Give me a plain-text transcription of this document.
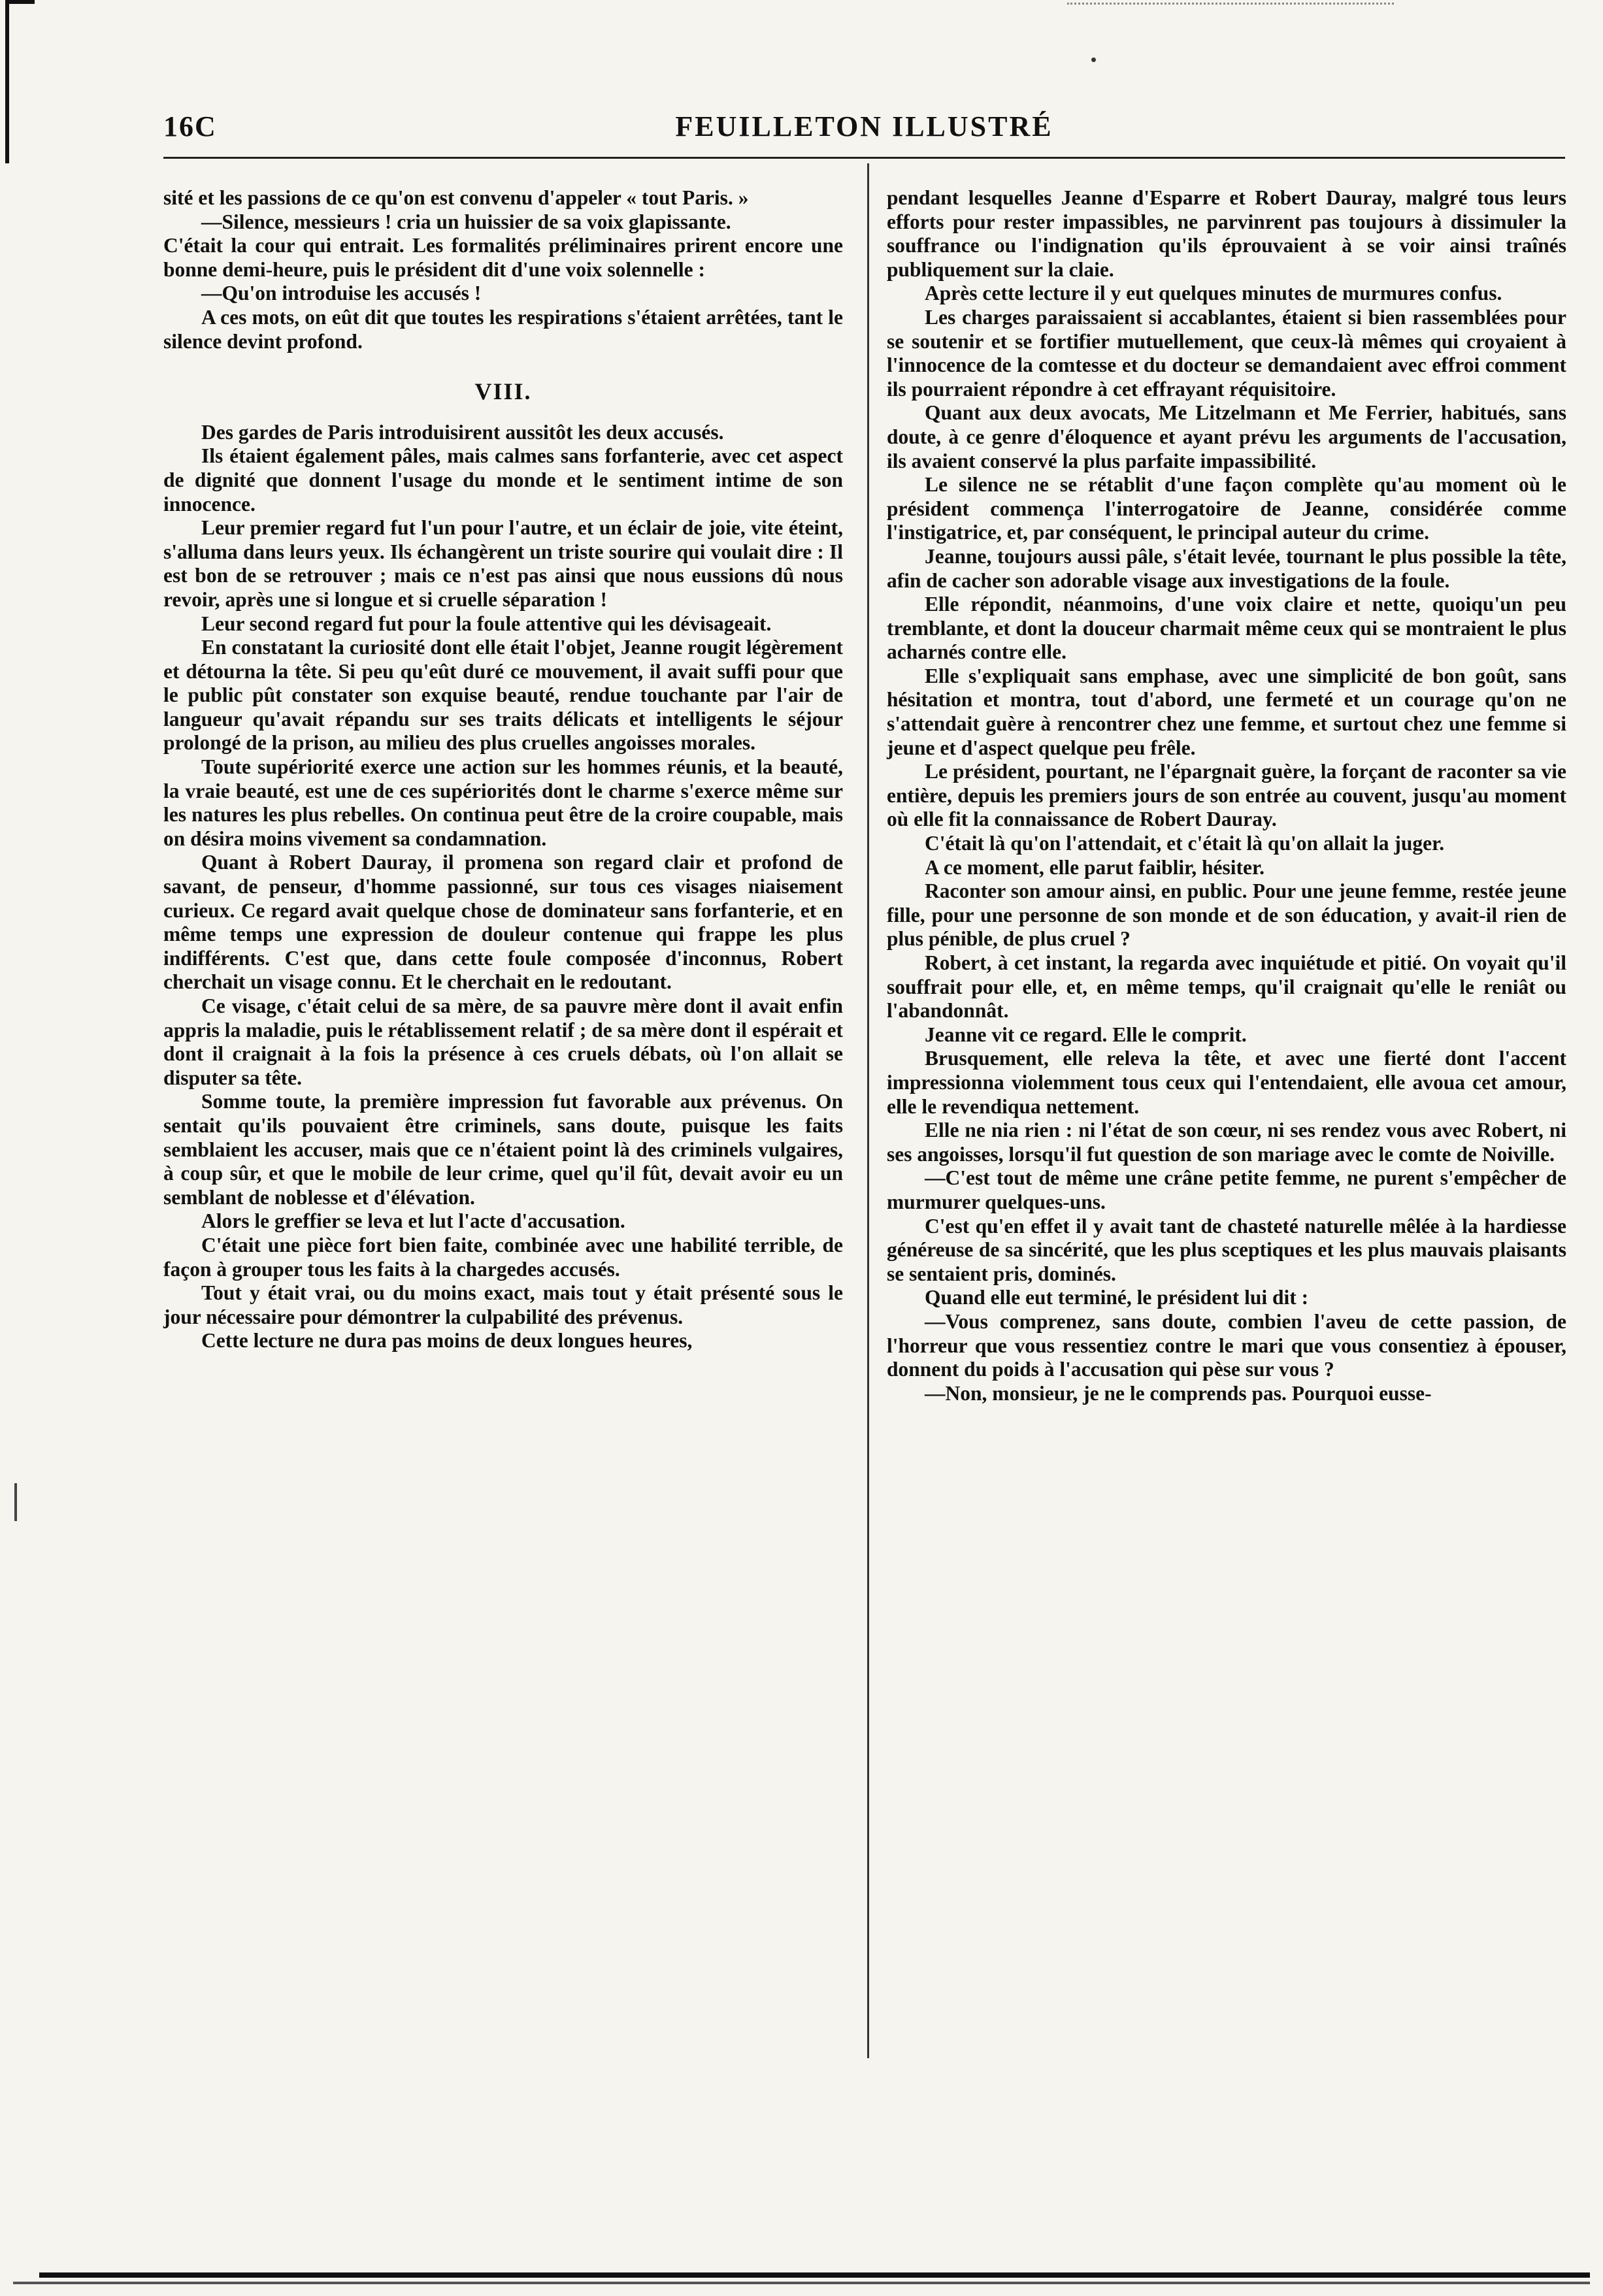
16C	FEUILLETON ILLUSTRÉ

sité et les passions de ce qu'on est convenu d'appeler « tout Paris. »

—Silence, messieurs ! cria un huissier de sa voix glapissante.

C'était la cour qui entrait. Les formalités préliminaires prirent encore une bonne demi-heure, puis le président dit d'une voix solennelle :

—Qu'on introduise les accusés !

A ces mots, on eût dit que toutes les respirations s'étaient arrêtées, tant le silence devint profond.

VIII.

Des gardes de Paris introduisirent aussitôt les deux accusés.

Ils étaient également pâles, mais calmes sans forfanterie, avec cet aspect de dignité que donnent l'usage du monde et le sentiment intime de son innocence.

Leur premier regard fut l'un pour l'autre, et un éclair de joie, vite éteint, s'alluma dans leurs yeux. Ils échangèrent un triste sourire qui voulait dire : Il est bon de se retrouver ; mais ce n'est pas ainsi que nous eussions dû nous revoir, après une si longue et si cruelle séparation !

Leur second regard fut pour la foule attentive qui les dévisageait.

En constatant la curiosité dont elle était l'objet, Jeanne rougit légèrement et détourna la tête. Si peu qu'eût duré ce mouvement, il avait suffi pour que le public pût constater son exquise beauté, rendue touchante par l'air de langueur qu'avait répandu sur ses traits délicats et intelligents le séjour prolongé de la prison, au milieu des plus cruelles angoisses morales.

Toute supériorité exerce une action sur les hommes réunis, et la beauté, la vraie beauté, est une de ces supériorités dont le charme s'exerce même sur les natures les plus rebelles. On continua peut être de la croire coupable, mais on désira moins vivement sa condamnation.

Quant à Robert Dauray, il promena son regard clair et profond de savant, de penseur, d'homme passionné, sur tous ces visages niaisement curieux. Ce regard avait quelque chose de dominateur sans forfanterie, et en même temps une expression de douleur contenue qui frappe les plus indifférents. C'est que, dans cette foule composée d'inconnus, Robert cherchait un visage connu. Et le cherchait en le redoutant.

Ce visage, c'était celui de sa mère, de sa pauvre mère dont il avait enfin appris la maladie, puis le rétablissement relatif ; de sa mère dont il espérait et dont il craignait à la fois la présence à ces cruels débats, où l'on allait se disputer sa tête.

Somme toute, la première impression fut favorable aux prévenus. On sentait qu'ils pouvaient être criminels, sans doute, puisque les faits semblaient les accuser, mais que ce n'étaient point là des criminels vulgaires, à coup sûr, et que le mobile de leur crime, quel qu'il fût, devait avoir eu un semblant de noblesse et d'élévation.

Alors le greffier se leva et lut l'acte d'accusation.

C'était une pièce fort bien faite, combinée avec une habilité terrible, de façon à grouper tous les faits à la chargedes accusés.

Tout y était vrai, ou du moins exact, mais tout y était présenté sous le jour nécessaire pour démontrer la culpabilité des prévenus.

Cette lecture ne dura pas moins de deux longues heures,

pendant lesquelles Jeanne d'Esparre et Robert Dauray, malgré tous leurs efforts pour rester impassibles, ne parvinrent pas toujours à dissimuler la souffrance ou l'indignation qu'ils éprouvaient à se voir ainsi traînés publiquement sur la claie.

Après cette lecture il y eut quelques minutes de murmures confus.

Les charges paraissaient si accablantes, étaient si bien rassemblées pour se soutenir et se fortifier mutuellement, que ceux-là mêmes qui croyaient à l'innocence de la comtesse et du docteur se demandaient avec effroi comment ils pourraient répondre à cet effrayant réquisitoire.

Quant aux deux avocats, Me Litzelmann et Me Ferrier, habitués, sans doute, à ce genre d'éloquence et ayant prévu les arguments de l'accusation, ils avaient conservé la plus parfaite impassibilité.

Le silence ne se rétablit d'une façon complète qu'au moment où le président commença l'interrogatoire de Jeanne, considérée comme l'instigatrice, et, par conséquent, le principal auteur du crime.

Jeanne, toujours aussi pâle, s'était levée, tournant le plus possible la tête, afin de cacher son adorable visage aux investigations de la foule.

Elle répondit, néanmoins, d'une voix claire et nette, quoiqu'un peu tremblante, et dont la douceur charmait même ceux qui se montraient le plus acharnés contre elle.

Elle s'expliquait sans emphase, avec une simplicité de bon goût, sans hésitation et montra, tout d'abord, une fermeté et un courage qu'on ne s'attendait guère à rencontrer chez une femme, et surtout chez une femme si jeune et d'aspect quelque peu frêle.

Le président, pourtant, ne l'épargnait guère, la forçant de raconter sa vie entière, depuis les premiers jours de son entrée au couvent, jusqu'au moment où elle fit la connaissance de Robert Dauray.

C'était là qu'on l'attendait, et c'était là qu'on allait la juger.

A ce moment, elle parut faiblir, hésiter.

Raconter son amour ainsi, en public. Pour une jeune femme, restée jeune fille, pour une personne de son monde et de son éducation, y avait-il rien de plus pénible, de plus cruel ?

Robert, à cet instant, la regarda avec inquiétude et pitié. On voyait qu'il souffrait pour elle, et, en même temps, qu'il craignait qu'elle le reniât ou l'abandonnât.

Jeanne vit ce regard. Elle le comprit.

Brusquement, elle releva la tête, et avec une fierté dont l'accent impressionna violemment tous ceux qui l'entendaient, elle avoua cet amour, elle le revendiqua nettement.

Elle ne nia rien : ni l'état de son cœur, ni ses rendez vous avec Robert, ni ses angoisses, lorsqu'il fut question de son mariage avec le comte de Noiville.

—C'est tout de même une crâne petite femme, ne purent s'empêcher de murmurer quelques-uns.

C'est qu'en effet il y avait tant de chasteté naturelle mêlée à la hardiesse généreuse de sa sincérité, que les plus sceptiques et les plus mauvais plaisants se sentaient pris, dominés.

Quand elle eut terminé, le président lui dit :

—Vous comprenez, sans doute, combien l'aveu de cette passion, de l'horreur que vous ressentiez contre le mari que vous consentiez à épouser, donnent du poids à l'accusation qui pèse sur vous ?

—Non, monsieur, je ne le comprends pas. Pourquoi eusse-
